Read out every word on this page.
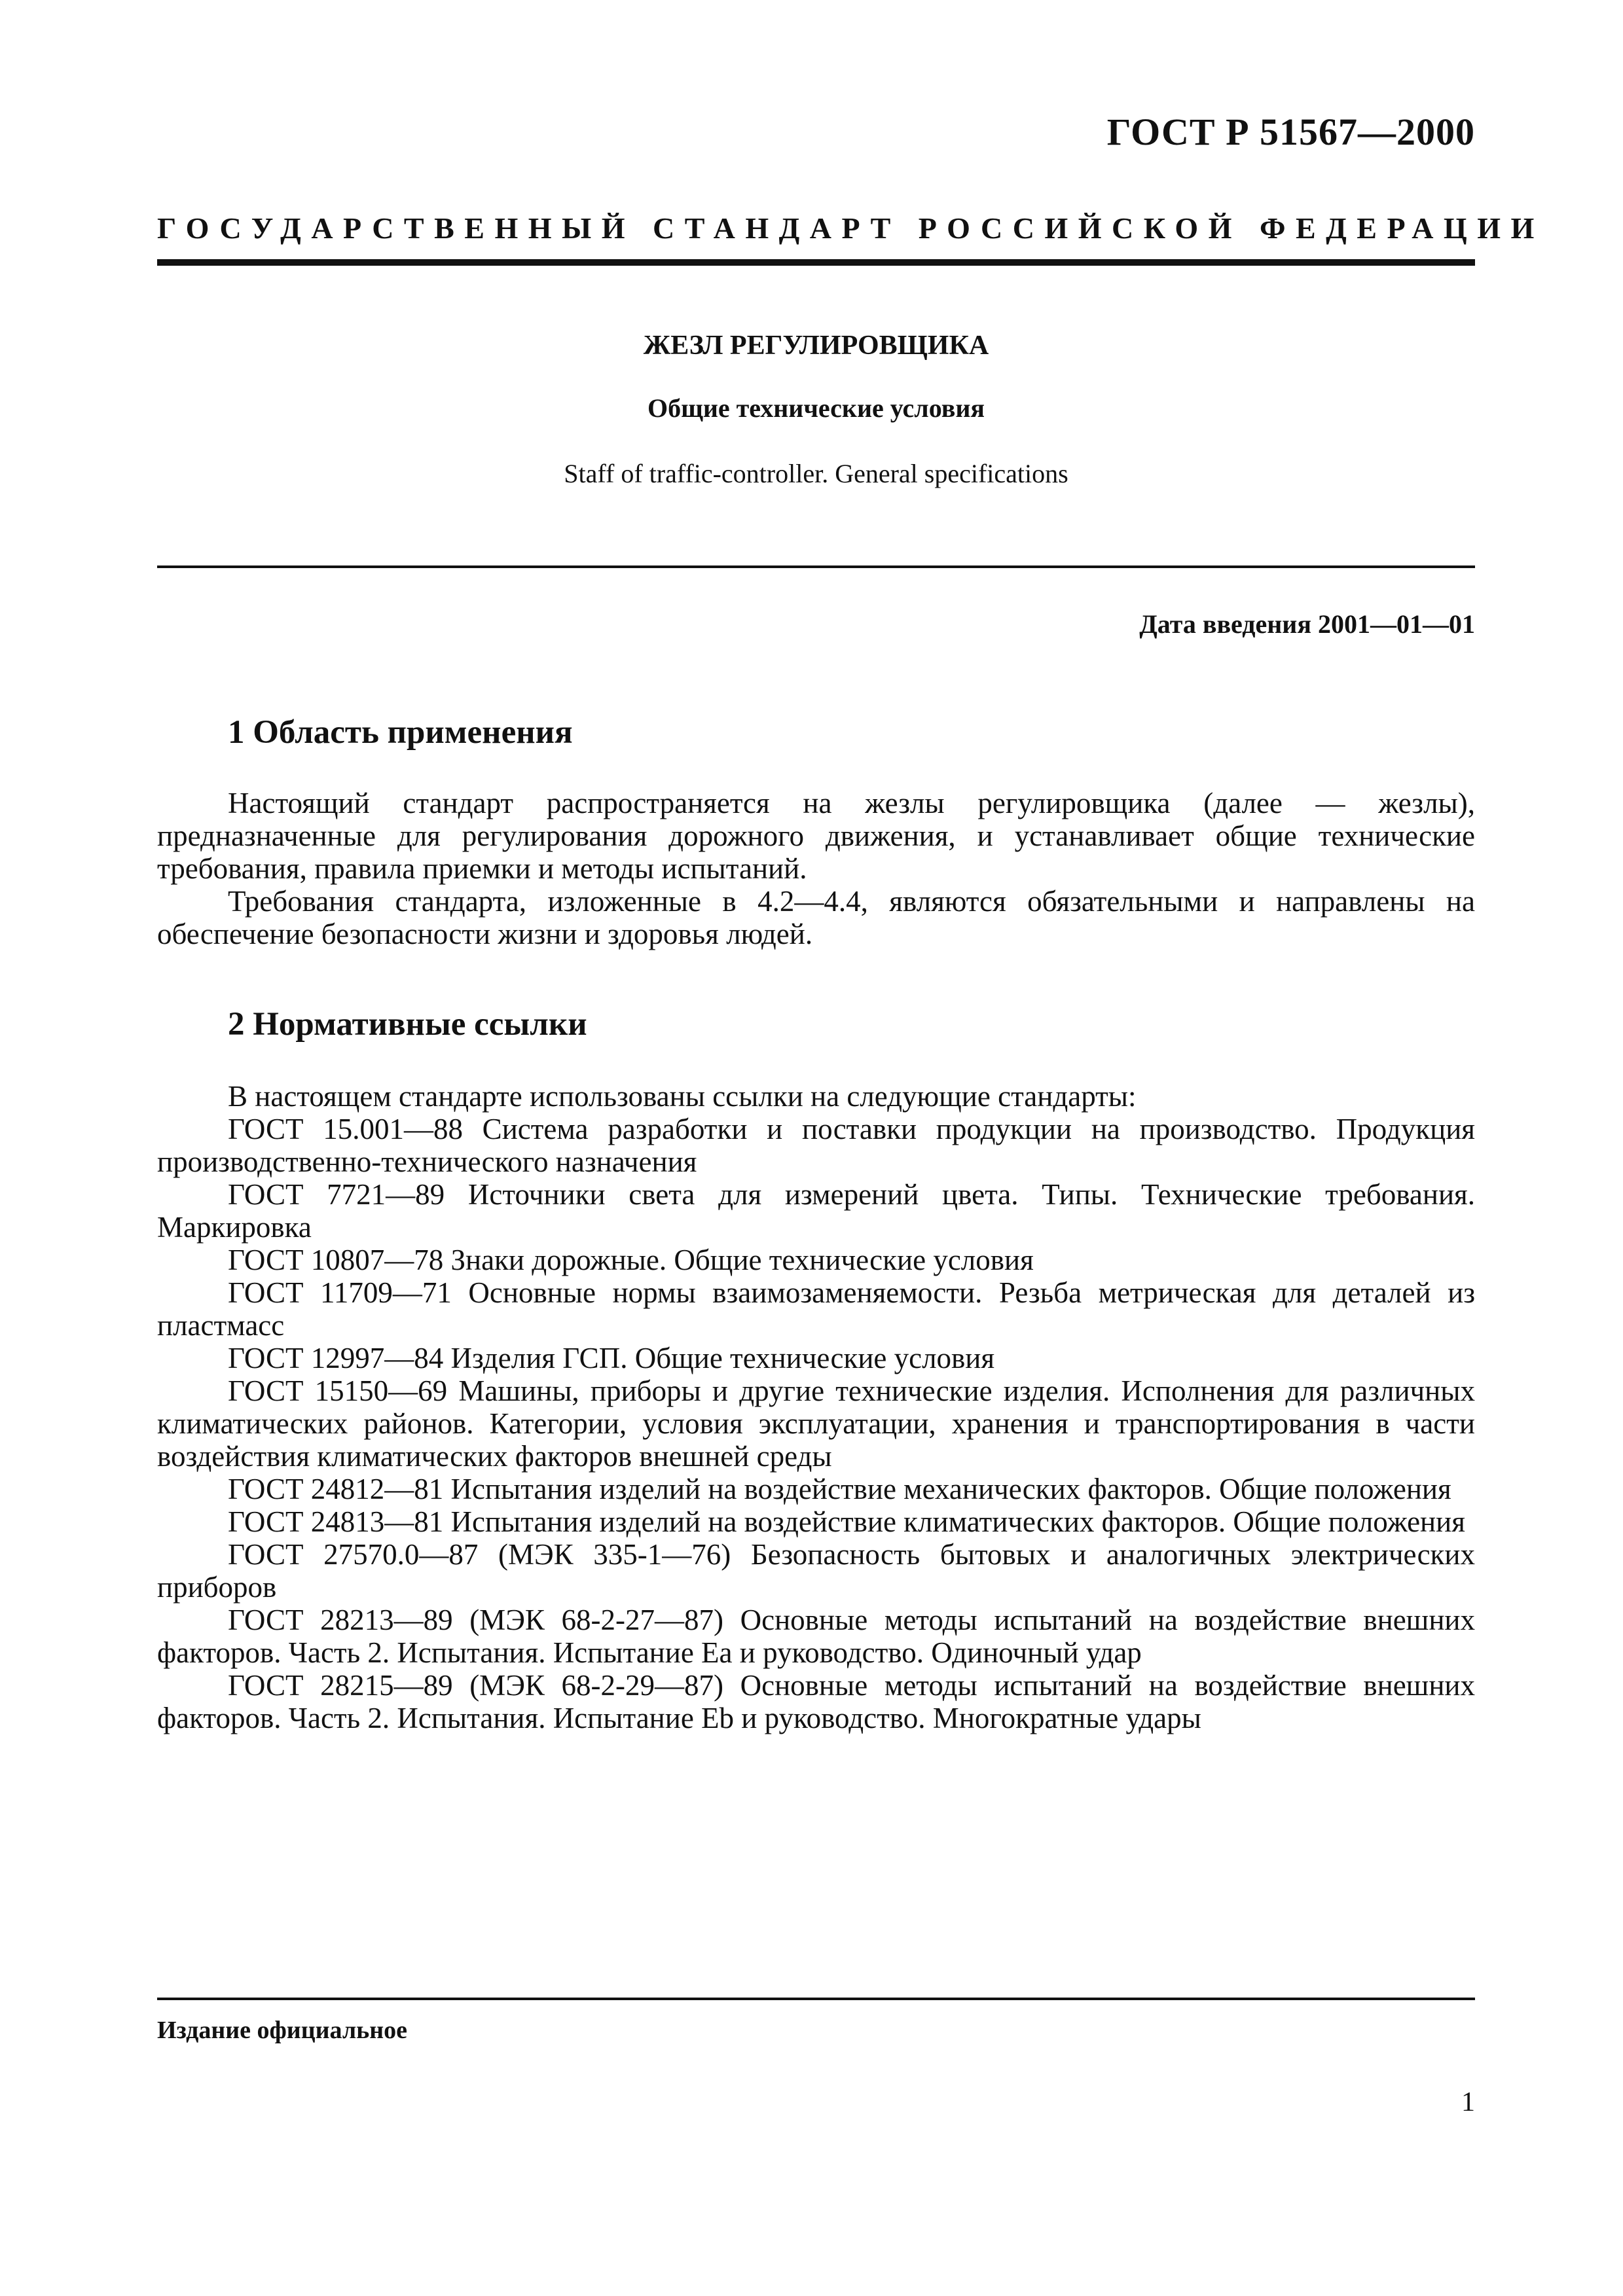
ГОСТ Р 51567—2000
ГОСУДАРСТВЕННЫЙ СТАНДАРТ РОССИЙСКОЙ ФЕДЕРАЦИИ
ЖЕЗЛ РЕГУЛИРОВЩИКА
Общие технические условия
Staff of traffic-controller. General specifications
Дата введения 2001—01—01
1 Область применения

Настоящий стандарт распространяется на жезлы регулировщика (далее — жезлы), предназначенные для регулирования дорожного движения, и устанавливает общие технические требования, правила приемки и методы испытаний.

Требования стандарта, изложенные в 4.2—4.4, являются обязательными и направлены на обеспечение безопасности жизни и здоровья людей.

2 Нормативные ссылки

В настоящем стандарте использованы ссылки на следующие стандарты:

ГОСТ 15.001—88 Система разработки и поставки продукции на производство. Продукция производственно-технического назначения

ГОСТ 7721—89 Источники света для измерений цвета. Типы. Технические требования. Маркировка

ГОСТ 10807—78 Знаки дорожные. Общие технические условия

ГОСТ 11709—71 Основные нормы взаимозаменяемости. Резьба метрическая для деталей из пластмасс

ГОСТ 12997—84 Изделия ГСП. Общие технические условия

ГОСТ 15150—69 Машины, приборы и другие технические изделия. Исполнения для различных климатических районов. Категории, условия эксплуатации, хранения и транспортирования в части воздействия климатических факторов внешней среды

ГОСТ 24812—81 Испытания изделий на воздействие механических факторов. Общие положения

ГОСТ 24813—81 Испытания изделий на воздействие климатических факторов. Общие положения

ГОСТ 27570.0—87 (МЭК 335-1—76) Безопасность бытовых и аналогичных электрических приборов

ГОСТ 28213—89 (МЭК 68-2-27—87) Основные методы испытаний на воздействие внешних факторов. Часть 2. Испытания. Испытание Ea и руководство. Одиночный удар

ГОСТ 28215—89 (МЭК 68-2-29—87) Основные методы испытаний на воздействие внешних факторов. Часть 2. Испытания. Испытание Eb и руководство. Многократные удары

Издание официальное
1
